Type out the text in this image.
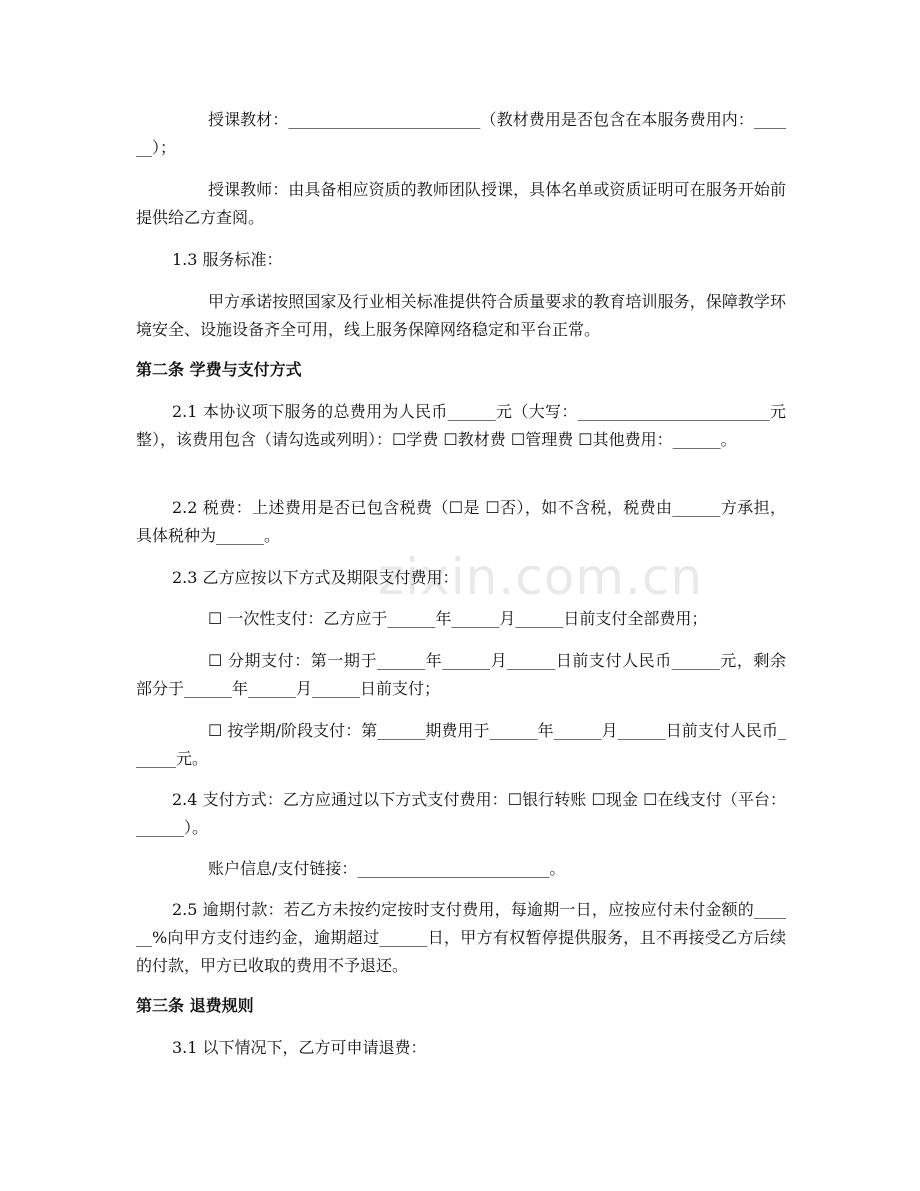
zixin.com.cn

授课教材：________________________（教材费用是否包含在本服务费用内：______）；

授课教师：由具备相应资质的教师团队授课，具体名单或资质证明可在服务开始前提供给乙方查阅。

1.3 服务标准：

甲方承诺按照国家及行业相关标准提供符合质量要求的教育培训服务，保障教学环境安全、设施设备齐全可用，线上服务保障网络稳定和平台正常。

第二条 学费与支付方式

2.1 本协议项下服务的总费用为人民币______元（大写：________________________元整），该费用包含（请勾选或列明）：☐学费 ☐教材费 ☐管理费 ☐其他费用：______。

2.2 税费：上述费用是否已包含税费（☐是 ☐否），如不含税，税费由______方承担，具体税种为______。

2.3 乙方应按以下方式及期限支付费用：

☐ 一次性支付：乙方应于______年______月______日前支付全部费用；

☐ 分期支付：第一期于______年______月______日前支付人民币______元，剩余部分于______年______月______日前支付；

☐ 按学期/阶段支付：第______期费用于______年______月______日前支付人民币______元。

2.4 支付方式：乙方应通过以下方式支付费用：☐银行转账 ☐现金 ☐在线支付（平台：______）。

账户信息/支付链接：________________________。

2.5 逾期付款：若乙方未按约定按时支付费用，每逾期一日，应按应付未付金额的______%向甲方支付违约金，逾期超过______日，甲方有权暂停提供服务，且不再接受乙方后续的付款，甲方已收取的费用不予退还。

第三条 退费规则

3.1 以下情况下，乙方可申请退费：
